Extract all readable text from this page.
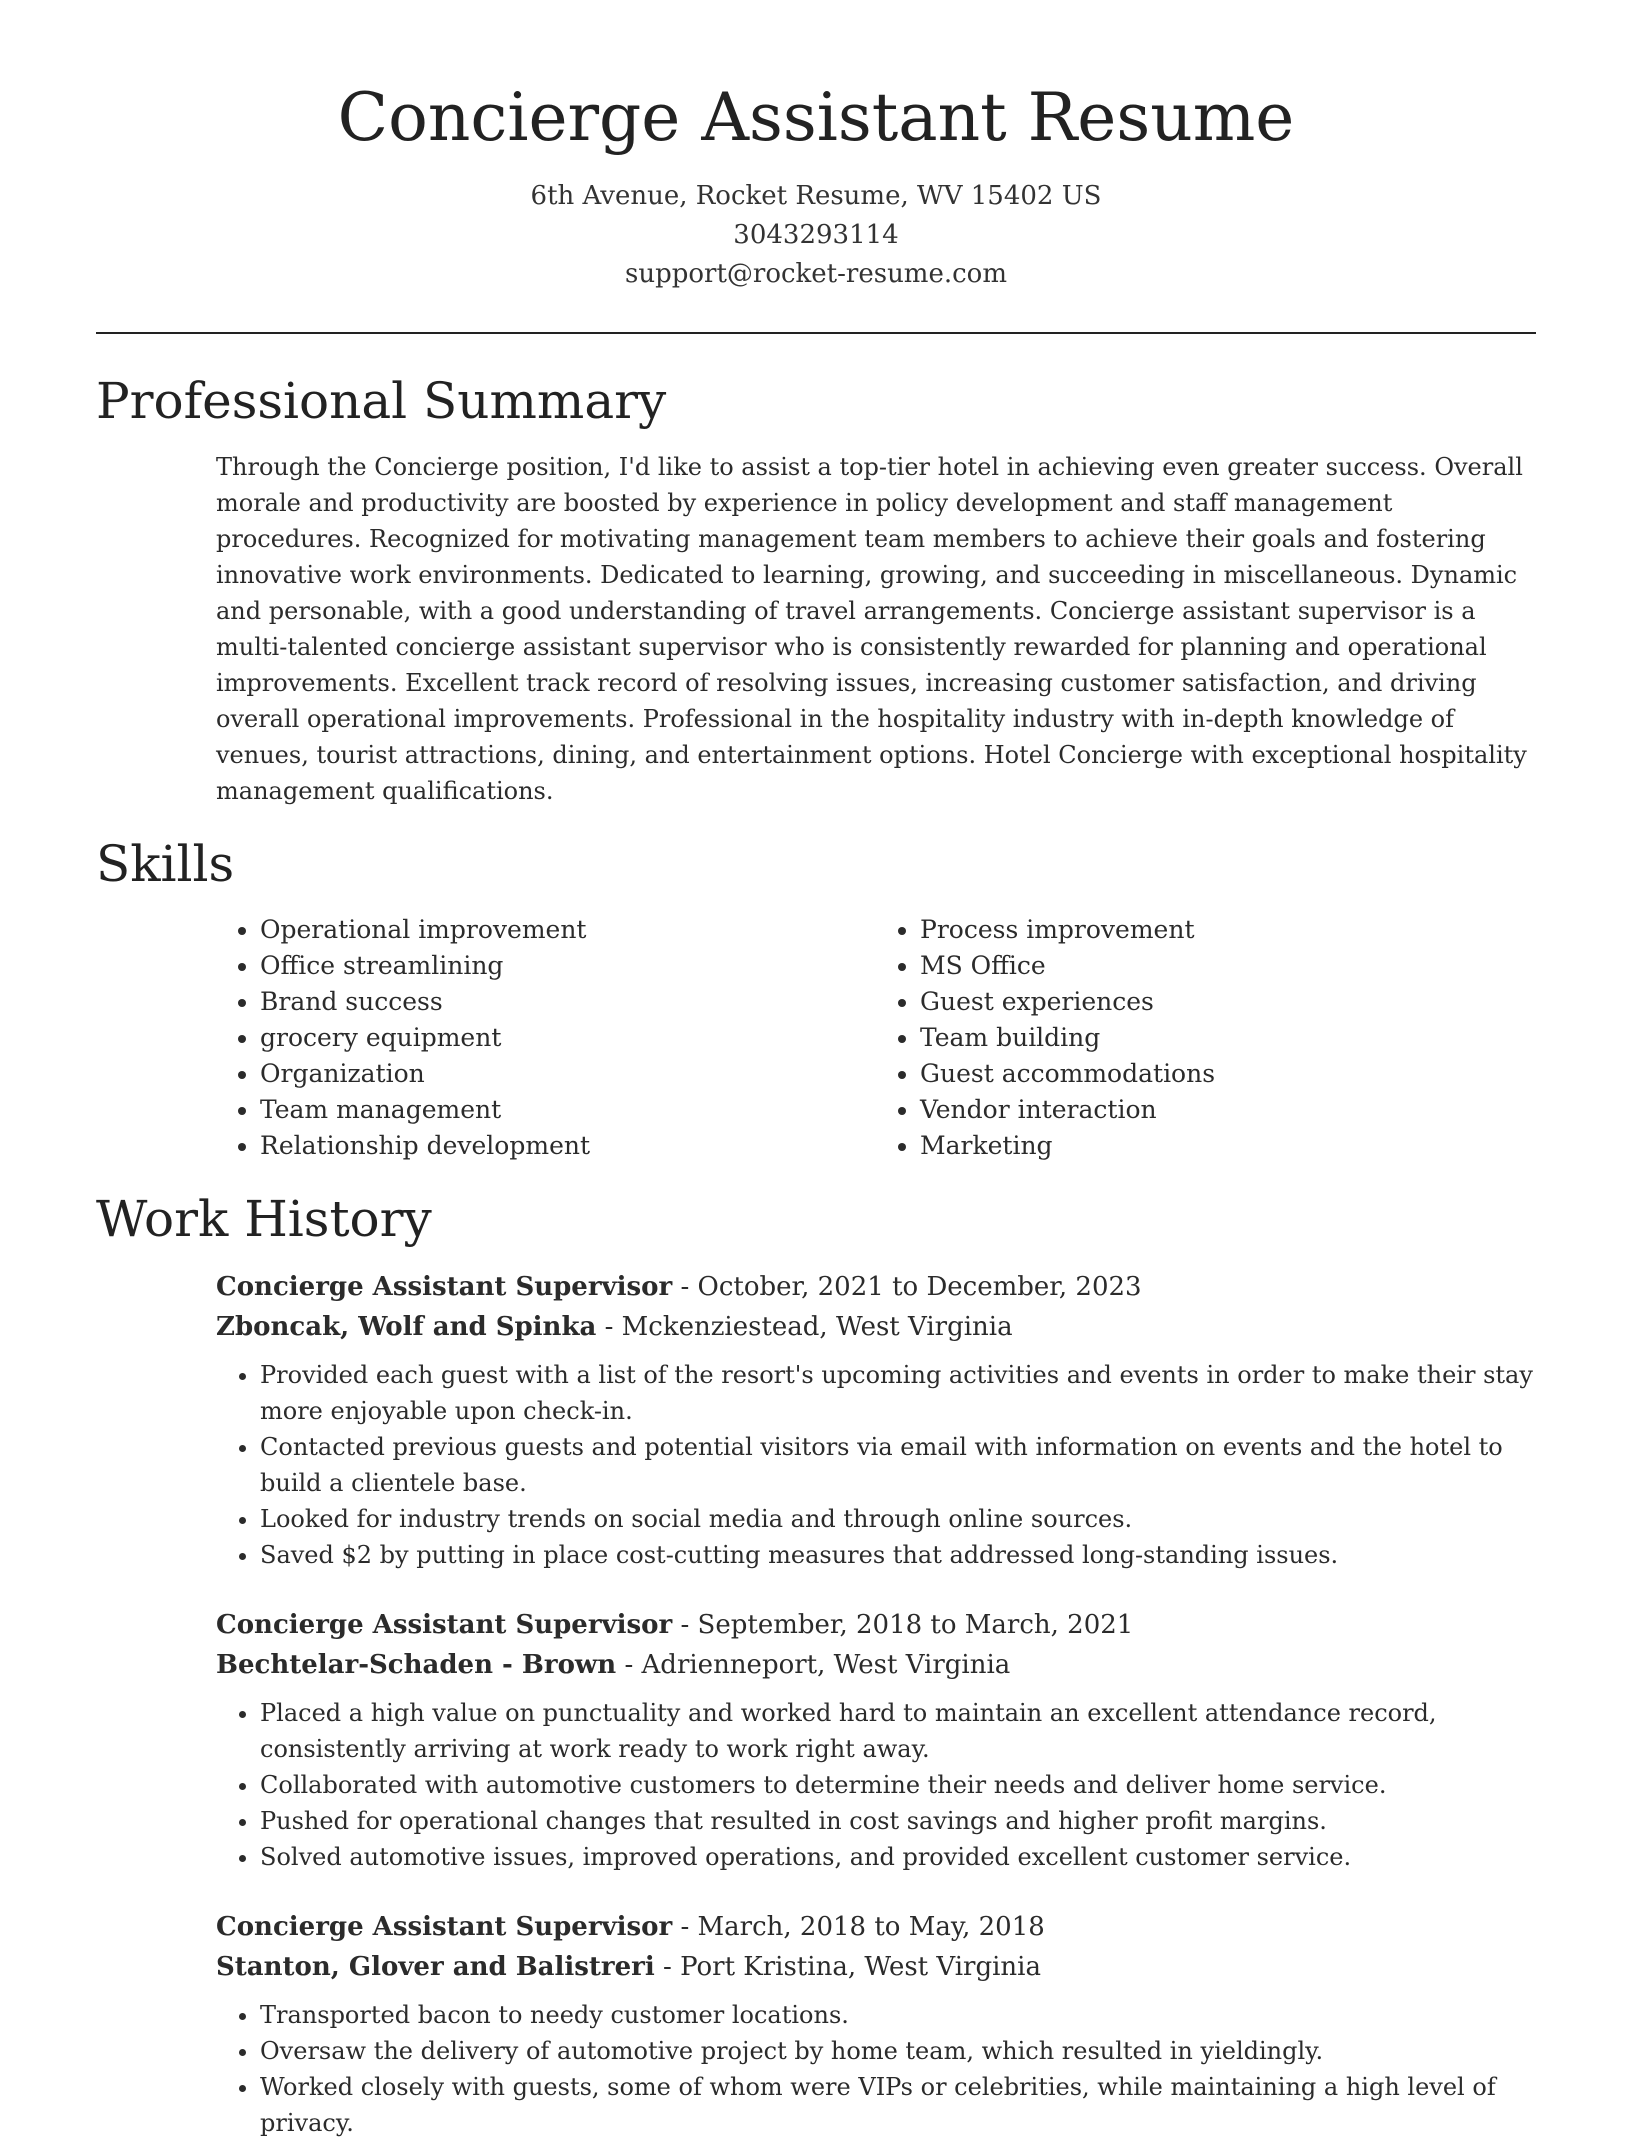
Concierge Assistant Resume
6th Avenue, Rocket Resume, WV 15402 US
3043293114
support@rocket-resume.com
Professional Summary
Through the Concierge position, I'd like to assist a top-tier hotel in achieving even greater success. Overall morale and productivity are boosted by experience in policy development and staff management procedures. Recognized for motivating management team members to achieve their goals and fostering innovative work environments. Dedicated to learning, growing, and succeeding in miscellaneous. Dynamic and personable, with a good understanding of travel arrangements. Concierge assistant supervisor is a multi-talented concierge assistant supervisor who is consistently rewarded for planning and operational improvements. Excellent track record of resolving issues, increasing customer satisfaction, and driving overall operational improvements. Professional in the hospitality industry with in-depth knowledge of venues, tourist attractions, dining, and entertainment options. Hotel Concierge with exceptional hospitality management qualifications.
Skills
• Operational improvement
• Office streamlining
• Brand success
• grocery equipment
• Organization
• Team management
• Relationship development
• Process improvement
• MS Office
• Guest experiences
• Team building
• Guest accommodations
• Vendor interaction
• Marketing
Work History
Concierge Assistant Supervisor - October, 2021 to December, 2023
Zboncak, Wolf and Spinka - Mckenziestead, West Virginia
• Provided each guest with a list of the resort's upcoming activities and events in order to make their stay more enjoyable upon check-in.
• Contacted previous guests and potential visitors via email with information on events and the hotel to build a clientele base.
• Looked for industry trends on social media and through online sources.
• Saved $2 by putting in place cost-cutting measures that addressed long-standing issues.
Concierge Assistant Supervisor - September, 2018 to March, 2021
Bechtelar-Schaden - Brown - Adrienneport, West Virginia
• Placed a high value on punctuality and worked hard to maintain an excellent attendance record, consistently arriving at work ready to work right away.
• Collaborated with automotive customers to determine their needs and deliver home service.
• Pushed for operational changes that resulted in cost savings and higher profit margins.
• Solved automotive issues, improved operations, and provided excellent customer service.
Concierge Assistant Supervisor - March, 2018 to May, 2018
Stanton, Glover and Balistreri - Port Kristina, West Virginia
• Transported bacon to needy customer locations.
• Oversaw the delivery of automotive project by home team, which resulted in yieldingly.
• Worked closely with guests, some of whom were VIPs or celebrities, while maintaining a high level of privacy.
